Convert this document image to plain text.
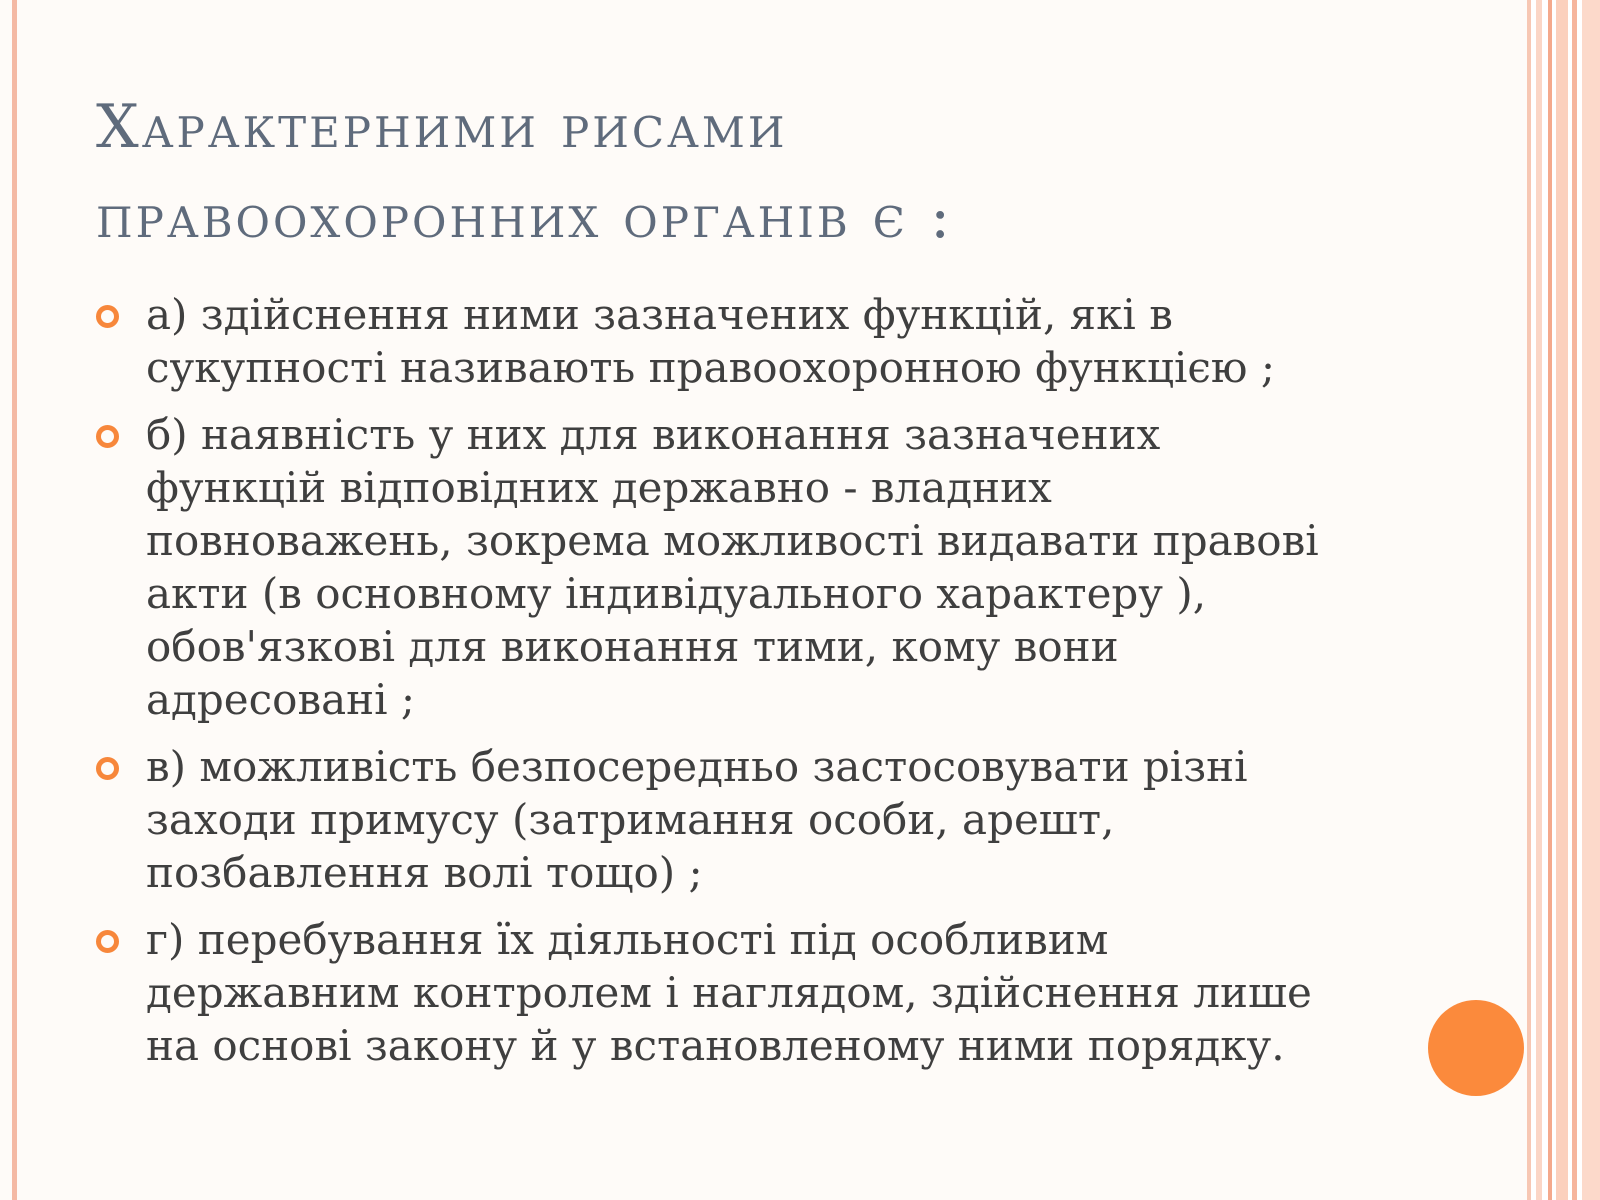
Характерними рисами
правоохоронних органів є :
а) здійснення ними зазначених функцій, які в
сукупності називають правоохоронною функцією ;
б) наявність у них для виконання зазначених
функцій відповідних державно - владних
повноважень, зокрема можливості видавати правові
акти (в основному індивідуального характеру ),
обов'язкові для виконання тими, кому вони
адресовані ;
в) можливість безпосередньо застосовувати різні
заходи примусу (затримання особи, арешт,
позбавлення волі тощо) ;
г) перебування їх діяльності під особливим
державним контролем і наглядом, здійснення лише
на основі закону й у встановленому ними порядку.
